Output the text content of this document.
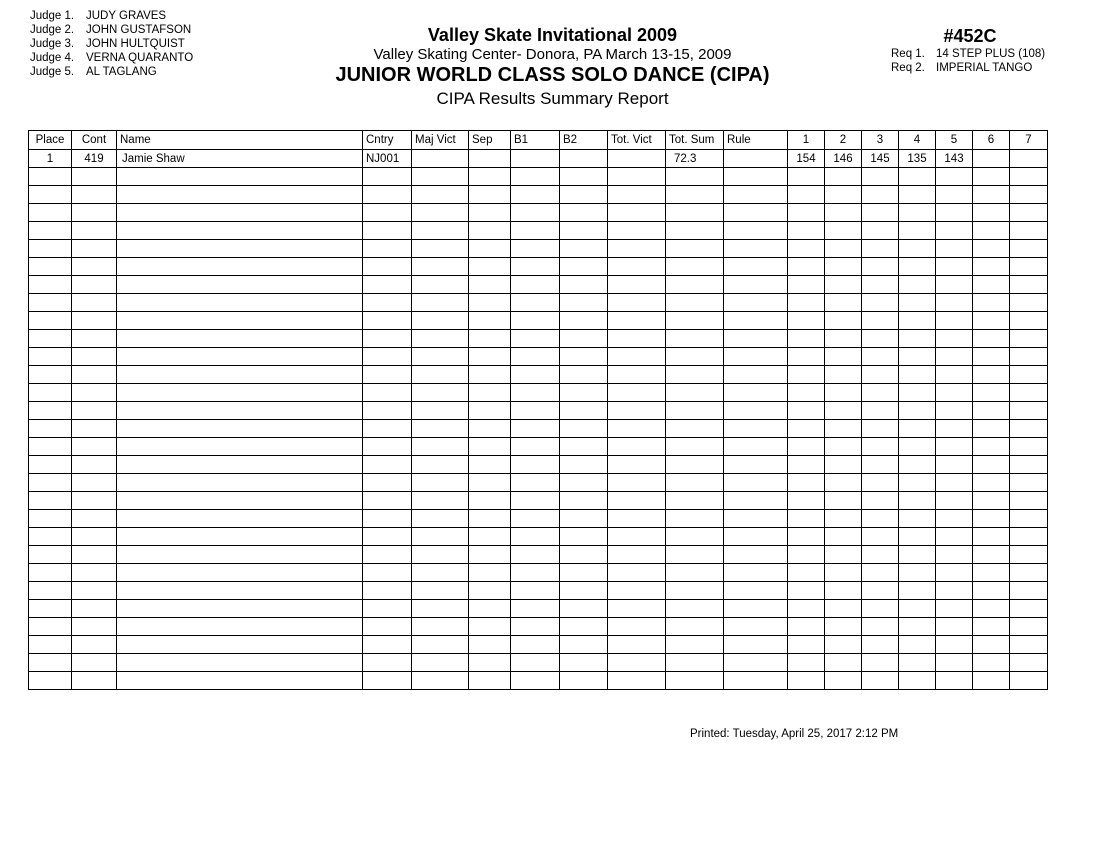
Judge 1. JUDY GRAVES
Judge 2. JOHN GUSTAFSON
Judge 3. JOHN HULTQUIST
Judge 4. VERNA QUARANTO
Judge 5. AL TAGLANG
Valley Skate Invitational 2009
Valley Skating Center- Donora, PA March 13-15, 2009
JUNIOR WORLD CLASS SOLO DANCE (CIPA)
CIPA Results Summary Report
#452C
Req 1. 14 STEP PLUS (108)
Req 2. IMPERIAL TANGO
Place	Cont	Name	Cntry	Maj Vict	Sep	B1	B2	Tot. Vict	Tot. Sum	Rule	1	2	3	4	5	6	7
1	419	Jamie Shaw	NJ001						72.3		154	146	145	135	143		

Printed: Tuesday, April 25, 2017 2:12 PM
